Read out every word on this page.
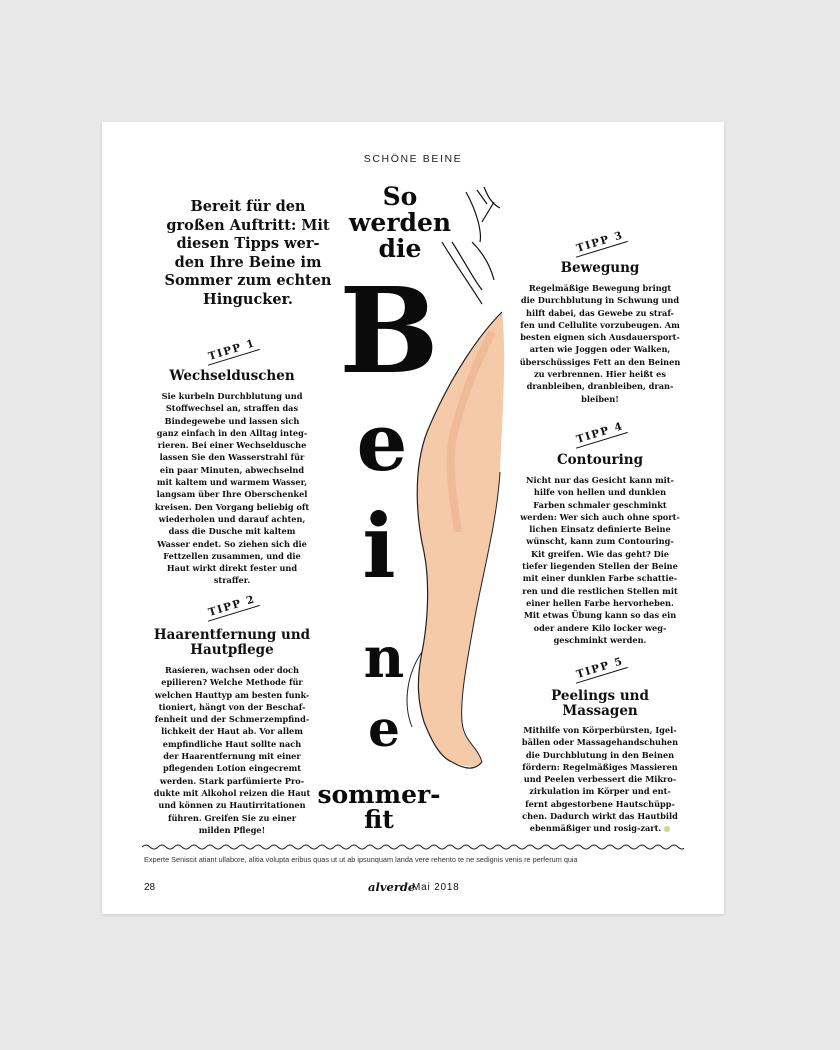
SCHÖNE BEINE
Bereit für den
großen Auftritt: Mit
diesen Tipps wer-
den Ihre Beine im
Sommer zum echten
Hingucker.
So
werden
die
B
e
i
n
e
sommer-
fit
TIPP 1
Wechselduschen
Sie kurbeln Durchblutung und
Stoffwechsel an, straffen das
Bindegewebe und lassen sich
ganz einfach in den Alltag integ-
rieren. Bei einer Wechseldusche
lassen Sie den Wasserstrahl für
ein paar Minuten, abwechselnd
mit kaltem und warmem Wasser,
langsam über Ihre Oberschenkel
kreisen. Den Vorgang beliebig oft
wiederholen und darauf achten,
dass die Dusche mit kaltem
Wasser endet. So ziehen sich die
Fettzellen zusammen, und die
Haut wirkt direkt fester und
straffer.
TIPP 2
Haarentfernung und
Hautpflege
Rasieren, wachsen oder doch
epilieren? Welche Methode für
welchen Hauttyp am besten funk-
tioniert, hängt von der Beschaf-
fenheit und der Schmerzempfind-
lichkeit der Haut ab. Vor allem
empfindliche Haut sollte nach
der Haarentfernung mit einer
pflegenden Lotion eingecremt
werden. Stark parfümierte Pro-
dukte mit Alkohol reizen die Haut
und können zu Hautirritationen
führen. Greifen Sie zu einer
milden Pflege!
TIPP 3
Bewegung
Regelmäßige Bewegung bringt
die Durchblutung in Schwung und
hilft dabei, das Gewebe zu straf-
fen und Cellulite vorzubeugen. Am
besten eignen sich Ausdauersport-
arten wie Joggen oder Walken,
überschüssiges Fett an den Beinen
zu verbrennen. Hier heißt es
dranbleiben, dranbleiben, dran-
bleiben!
TIPP 4
Contouring
Nicht nur das Gesicht kann mit-
hilfe von hellen und dunklen
Farben schmaler geschminkt
werden: Wer sich auch ohne sport-
lichen Einsatz definierte Beine
wünscht, kann zum Contouring-
Kit greifen. Wie das geht? Die
tiefer liegenden Stellen der Beine
mit einer dunklen Farbe schattie-
ren und die restlichen Stellen mit
einer hellen Farbe hervorheben.
Mit etwas Übung kann so das ein
oder andere Kilo locker weg-
geschminkt werden.
TIPP 5
Peelings und
Massagen
Mithilfe von Körperbürsten, Igel-
bällen oder Massagehandschuhen
die Durchblutung in den Beinen
fördern: Regelmäßiges Massieren
und Peelen verbessert die Mikro-
zirkulation im Körper und ent-
fernt abgestorbene Hautschüpp-
chen. Dadurch wirkt das Hautbild
ebenmäßiger und rosig-zart.
Experte Seniscit atiant ullabore, alitia volupta eribus quas ut ut ab ipsunquam landa vere rehento te ne sedignis venis re perferum quia
28	alverde
Mai 2018
